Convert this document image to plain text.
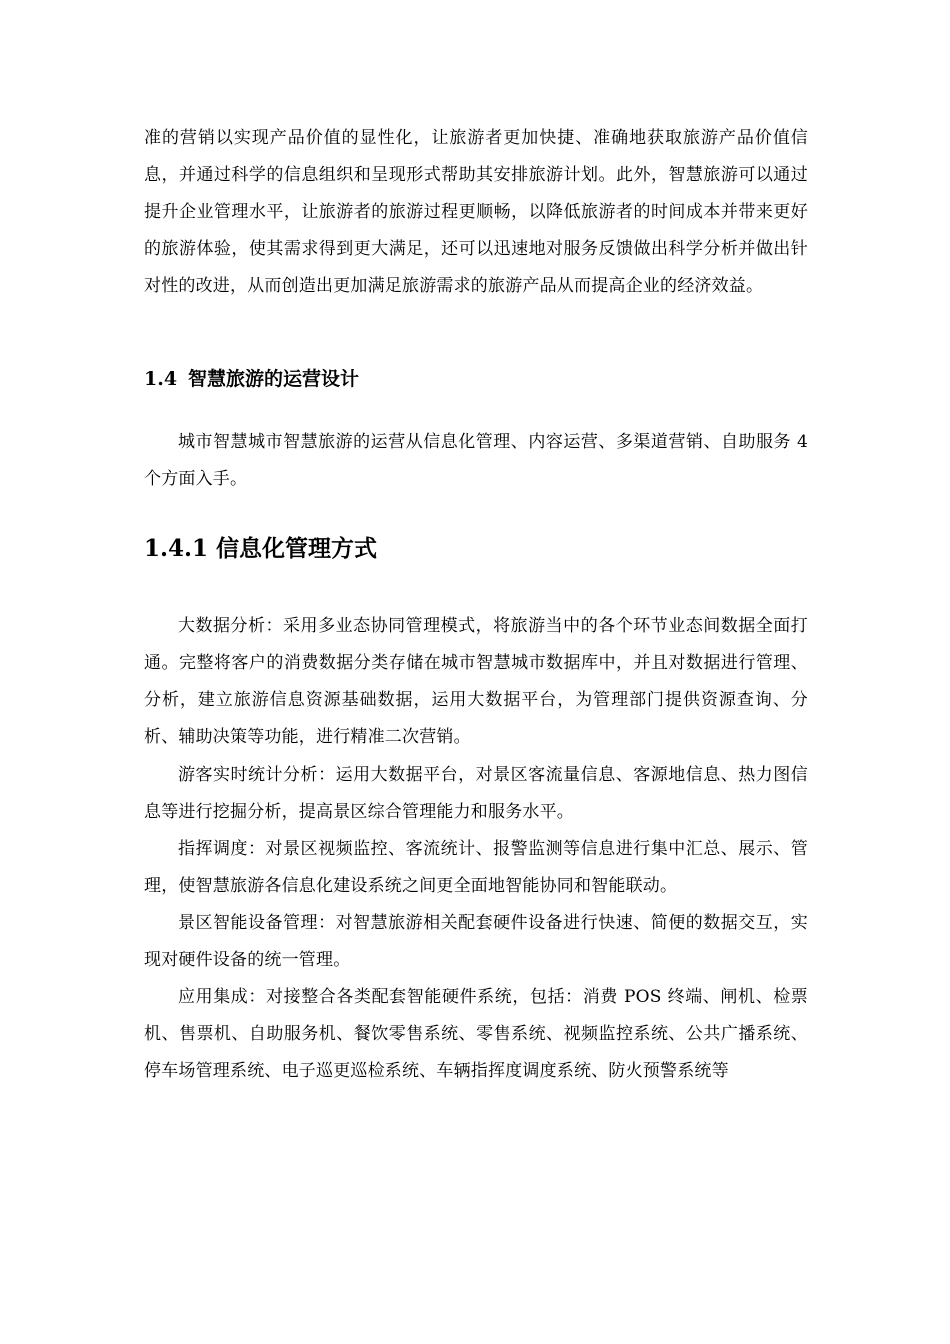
准的营销以实现产品价值的显性化，让旅游者更加快捷、准确地获取旅游产品价值信息，并通过科学的信息组织和呈现形式帮助其安排旅游计划。此外，智慧旅游可以通过提升企业管理水平，让旅游者的旅游过程更顺畅，以降低旅游者的时间成本并带来更好的旅游体验，使其需求得到更大满足，还可以迅速地对服务反馈做出科学分析并做出针对性的改进，从而创造出更加满足旅游需求的旅游产品从而提高企业的经济效益。

1.4 智慧旅游的运营设计

城市智慧城市智慧旅游的运营从信息化管理、内容运营、多渠道营销、自助服务 4 个方面入手。

1.4.1 信息化管理方式

大数据分析：采用多业态协同管理模式，将旅游当中的各个环节业态间数据全面打通。完整将客户的消费数据分类存储在城市智慧城市数据库中，并且对数据进行管理、分析，建立旅游信息资源基础数据，运用大数据平台，为管理部门提供资源查询、分析、辅助决策等功能，进行精准二次营销。

游客实时统计分析：运用大数据平台，对景区客流量信息、客源地信息、热力图信息等进行挖掘分析，提高景区综合管理能力和服务水平。

指挥调度：对景区视频监控、客流统计、报警监测等信息进行集中汇总、展示、管理，使智慧旅游各信息化建设系统之间更全面地智能协同和智能联动。

景区智能设备管理：对智慧旅游相关配套硬件设备进行快速、简便的数据交互，实现对硬件设备的统一管理。

应用集成：对接整合各类配套智能硬件系统，包括：消费 POS 终端、闸机、检票机、售票机、自助服务机、餐饮零售系统、零售系统、视频监控系统、公共广播系统、停车场管理系统、电子巡更巡检系统、车辆指挥度调度系统、防火预警系统等
